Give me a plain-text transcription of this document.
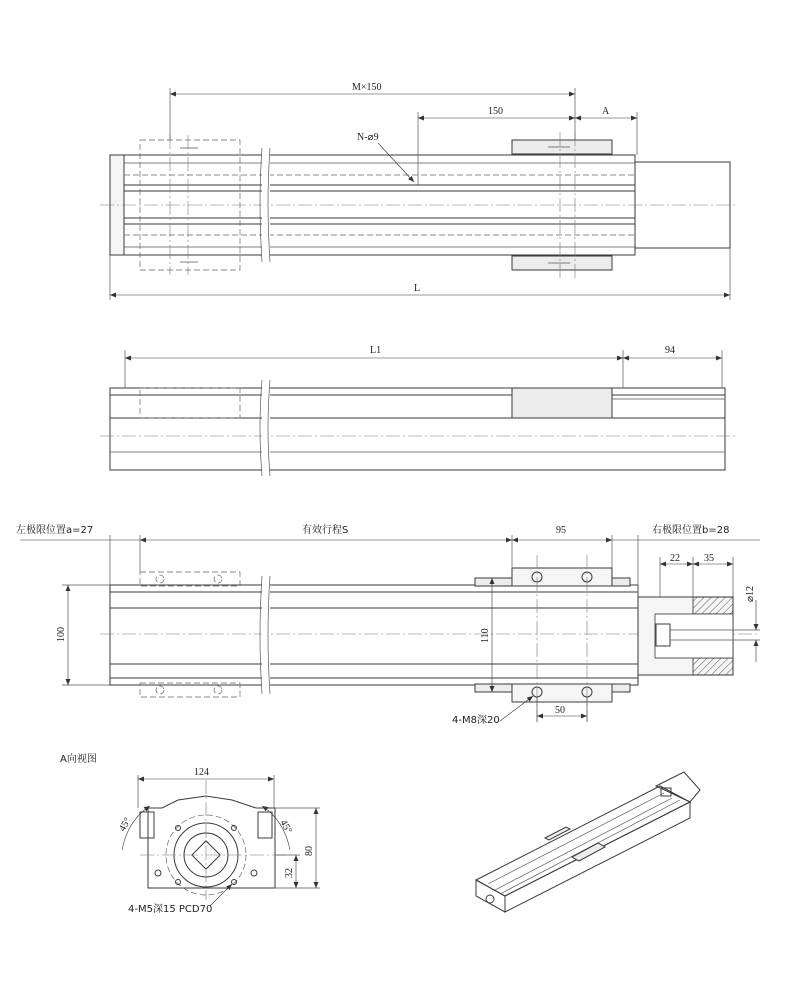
M×150
150	A
N-⌀9
L
L1	94
左极限位置a=27	有效行程S	95	右极限位置b=28
22 35
⌀12
100	110
50
4-M8深20
A向视图
124
45°	45°
80
32
4-M5深15 PCD70
